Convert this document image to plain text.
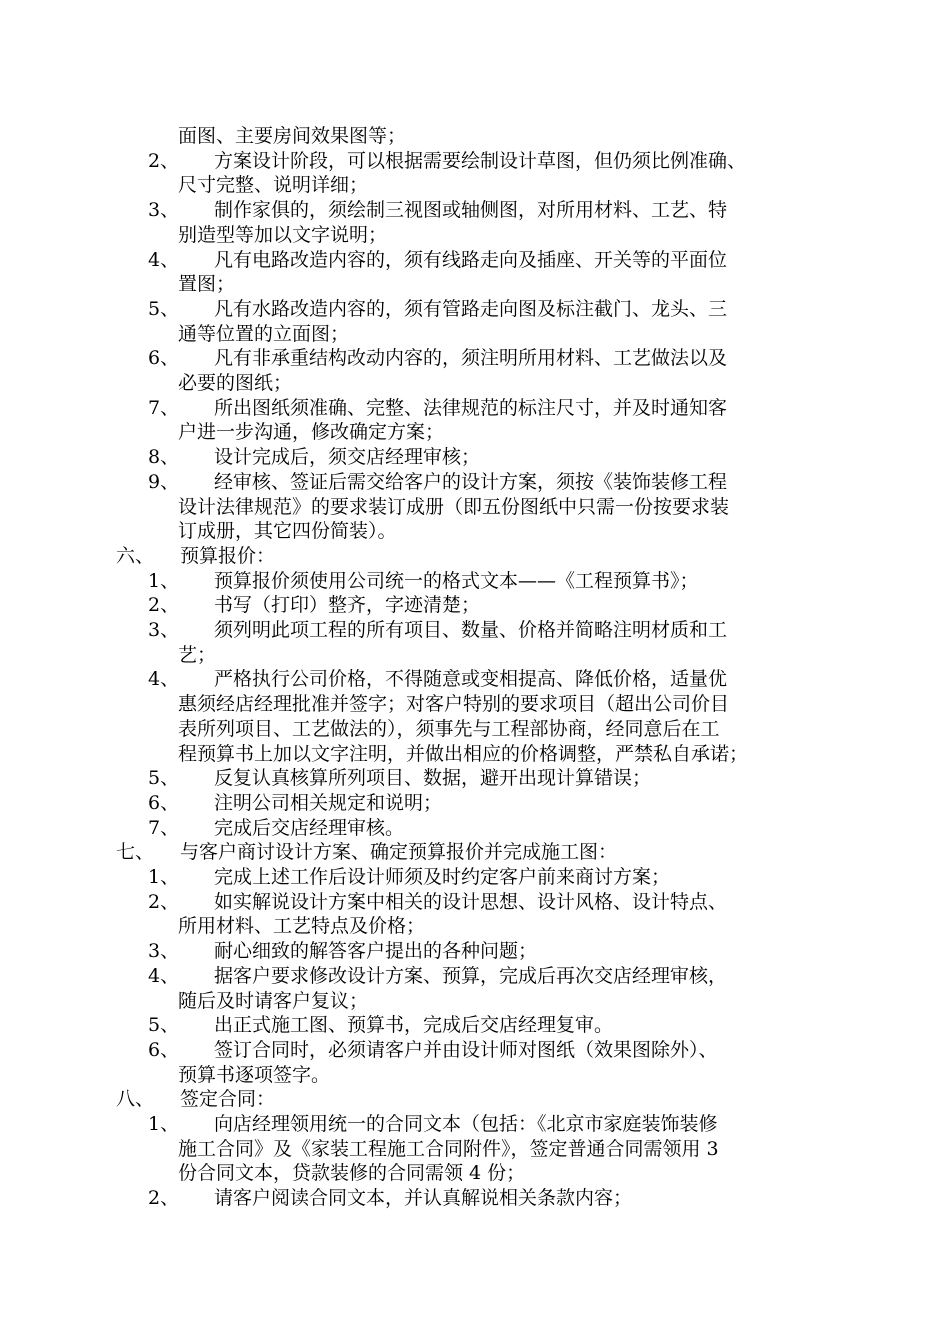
面图、主要房间效果图等；
2、 方案设计阶段，可以根据需要绘制设计草图，但仍须比例准确、
尺寸完整、说明详细；
3、 制作家俱的，须绘制三视图或轴侧图，对所用材料、工艺、特
别造型等加以文字说明；
4、 凡有电路改造内容的，须有线路走向及插座、开关等的平面位
置图；
5、 凡有水路改造内容的，须有管路走向图及标注截门、龙头、三
通等位置的立面图；
6、 凡有非承重结构改动内容的，须注明所用材料、工艺做法以及
必要的图纸；
7、 所出图纸须准确、完整、法律规范的标注尺寸，并及时通知客
户进一步沟通，修改确定方案；
8、 设计完成后，须交店经理审核；
9、 经审核、签证后需交给客户的设计方案，须按《装饰装修工程
设计法律规范》的要求装订成册（即五份图纸中只需一份按要求装
订成册，其它四份简装）。
六、 预算报价：
1、 预算报价须使用公司统一的格式文本——《工程预算书》；
2、 书写（打印）整齐，字迹清楚；
3、 须列明此项工程的所有项目、数量、价格并简略注明材质和工
艺；
4、 严格执行公司价格，不得随意或变相提高、降低价格，适量优
惠须经店经理批准并签字；对客户特别的要求项目（超出公司价目
表所列项目、工艺做法的），须事先与工程部协商，经同意后在工
程预算书上加以文字注明，并做出相应的价格调整，严禁私自承诺；
5、 反复认真核算所列项目、数据，避开出现计算错误；
6、 注明公司相关规定和说明；
7、 完成后交店经理审核。
七、 与客户商讨设计方案、确定预算报价并完成施工图：
1、 完成上述工作后设计师须及时约定客户前来商讨方案；
2、 如实解说设计方案中相关的设计思想、设计风格、设计特点、
所用材料、工艺特点及价格；
3、 耐心细致的解答客户提出的各种问题；
4、 据客户要求修改设计方案、预算，完成后再次交店经理审核，
随后及时请客户复议；
5、 出正式施工图、预算书，完成后交店经理复审。
6、 签订合同时，必须请客户并由设计师对图纸（效果图除外）、
预算书逐项签字。
八、 签定合同：
1、 向店经理领用统一的合同文本（包括：《北京市家庭装饰装修
施工合同》及《家装工程施工合同附件》，签定普通合同需领用 3
份合同文本，贷款装修的合同需领 4 份；
2、 请客户阅读合同文本，并认真解说相关条款内容；
